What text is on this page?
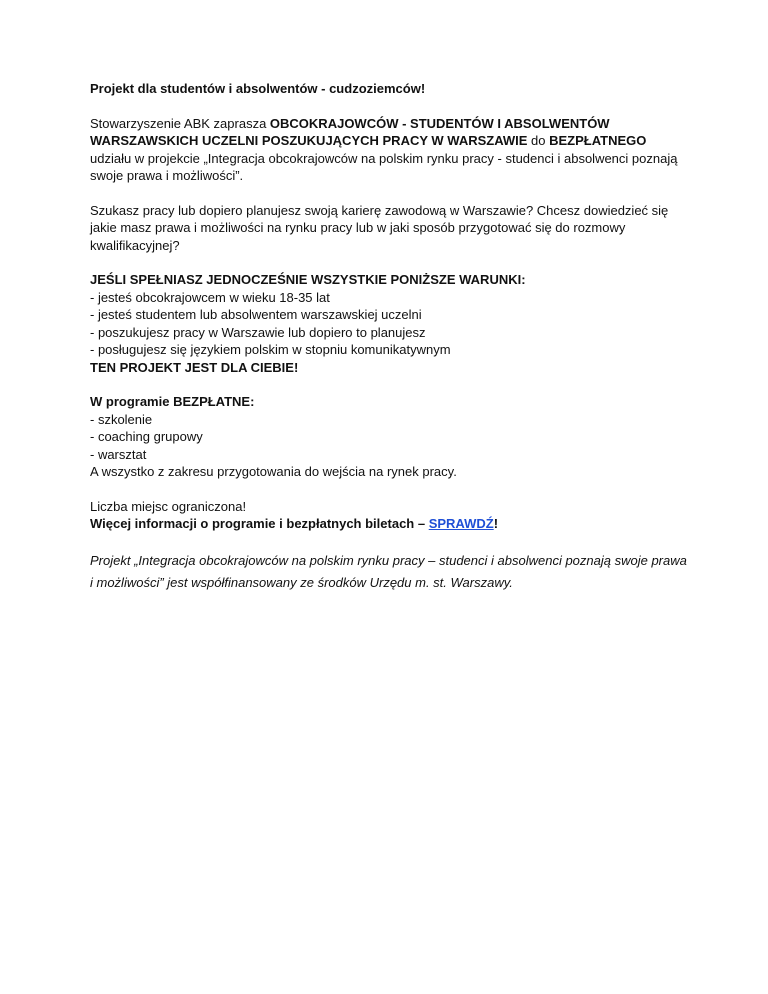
Projekt dla studentów i absolwentów - cudzoziemców!

Stowarzyszenie ABK zaprasza OBCOKRAJOWCÓW - STUDENTÓW I ABSOLWENTÓW WARSZAWSKICH UCZELNI POSZUKUJĄCYCH PRACY W WARSZAWIE do BEZPŁATNEGO udziału w projekcie „Integracja obcokrajowców na polskim rynku pracy - studenci i absolwenci poznają swoje prawa i możliwości”.

Szukasz pracy lub dopiero planujesz swoją karierę zawodową w Warszawie? Chcesz dowiedzieć się jakie masz prawa i możliwości na rynku pracy lub w jaki sposób przygotować się do rozmowy kwalifikacyjnej?

JEŚLI SPEŁNIASZ JEDNOCZEŚNIE WSZYSTKIE PONIŻSZE WARUNKI:
- jesteś obcokrajowcem w wieku 18-35 lat
- jesteś studentem lub absolwentem warszawskiej uczelni
- poszukujesz pracy w Warszawie lub dopiero to planujesz
- posługujesz się językiem polskim w stopniu komunikatywnym
TEN PROJEKT JEST DLA CIEBIE!

W programie BEZPŁATNE:
- szkolenie
- coaching grupowy
- warsztat
A wszystko z zakresu przygotowania do wejścia na rynek pracy.

Liczba miejsc ograniczona!
Więcej informacji o programie i bezpłatnych biletach – SPRAWDŹ!

Projekt „Integracja obcokrajowców na polskim rynku pracy – studenci i absolwenci poznają swoje prawa i możliwości” jest współfinansowany ze środków Urzędu m. st. Warszawy.
